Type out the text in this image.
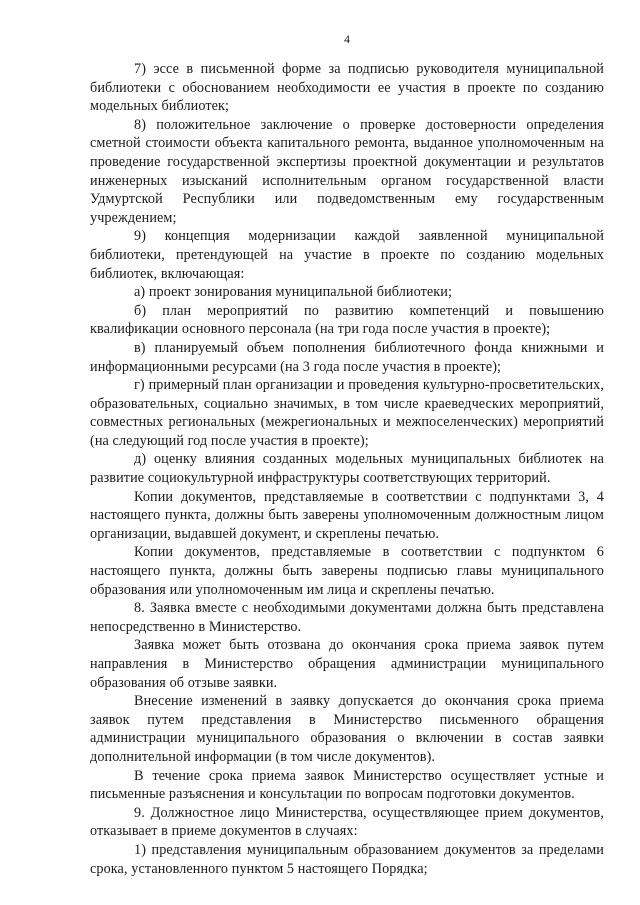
4

7) эссе в письменной форме за подписью руководителя муниципальной библиотеки с обоснованием необходимости ее участия в проекте по созданию модельных библиотек;

8) положительное заключение о проверке достоверности определения сметной стоимости объекта капитального ремонта, выданное уполномоченным на проведение государственной экспертизы проектной документации и результатов инженерных изысканий исполнительным органом государственной власти Удмуртской Республики или подведомственным ему государственным учреждением;

9) концепция модернизации каждой заявленной муниципальной библиотеки, претендующей на участие в проекте по созданию модельных библиотек, включающая:

а) проект зонирования муниципальной библиотеки;

б) план мероприятий по развитию компетенций и повышению квалификации основного персонала (на три года после участия в проекте);

в) планируемый объем пополнения библиотечного фонда книжными и информационными ресурсами (на 3 года после участия в проекте);

г) примерный план организации и проведения культурно-просветительских, образовательных, социально значимых, в том числе краеведческих мероприятий, совместных региональных (межрегиональных и межпоселенческих) мероприятий (на следующий год после участия в проекте);

д) оценку влияния созданных модельных муниципальных библиотек на развитие социокультурной инфраструктуры соответствующих территорий.

Копии документов, представляемые в соответствии с подпунктами 3, 4 настоящего пункта, должны быть заверены уполномоченным должностным лицом организации, выдавшей документ, и скреплены печатью.

Копии документов, представляемые в соответствии с подпунктом 6 настоящего пункта, должны быть заверены подписью главы муниципального образования или уполномоченным им лица и скреплены печатью.

8. Заявка вместе с необходимыми документами должна быть представлена непосредственно в Министерство.

Заявка может быть отозвана до окончания срока приема заявок путем направления в Министерство обращения администрации муниципального образования об отзыве заявки.

Внесение изменений в заявку допускается до окончания срока приема заявок путем представления в Министерство письменного обращения администрации муниципального образования о включении в состав заявки дополнительной информации (в том числе документов).

В течение срока приема заявок Министерство осуществляет устные и письменные разъяснения и консультации по вопросам подготовки документов.

9. Должностное лицо Министерства, осуществляющее прием документов, отказывает в приеме документов в случаях:

1) представления муниципальным образованием документов за пределами срока, установленного пунктом 5 настоящего Порядка;
